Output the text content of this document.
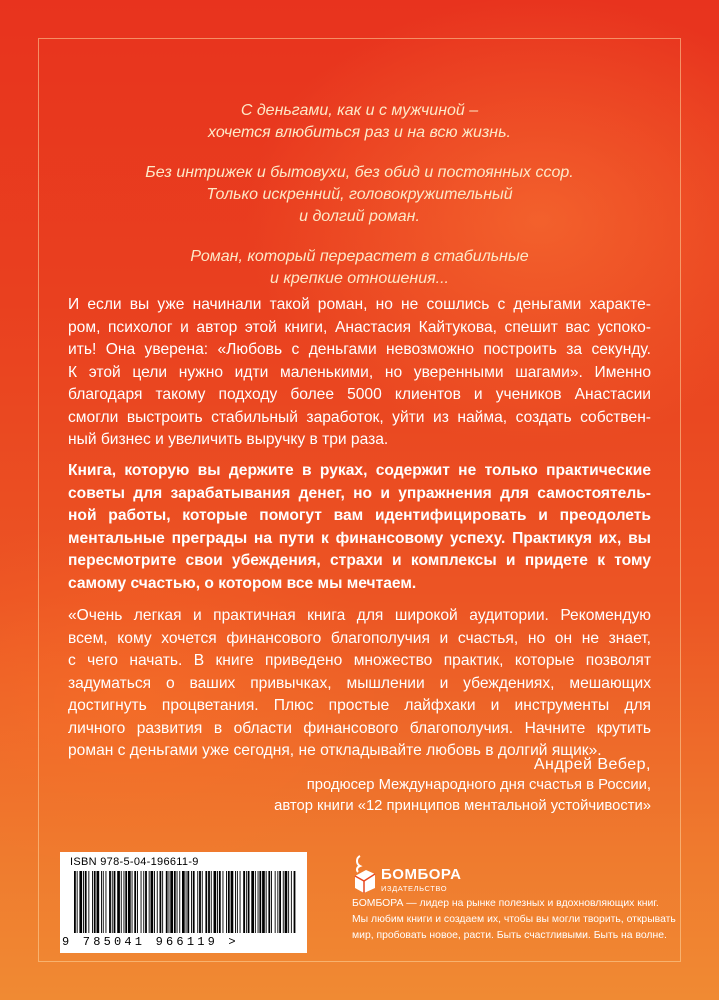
С деньгами, как и с мужчиной –
хочется влюбиться раз и на всю жизнь.

Без интрижек и бытовухи, без обид и постоянных ссор.
Только искренний, головокружительный
и долгий роман.

Роман, который перерастет в стабильные
и крепкие отношения...

И если вы уже начинали такой роман, но не сошлись с деньгами характе-
ром, психолог и автор этой книги, Анастасия Кайтукова, спешит вас успоко-
ить! Она уверена: «Любовь с деньгами невозможно построить за секунду.
К этой цели нужно идти маленькими, но уверенными шагами». Именно
благодаря такому подходу более 5000 клиентов и учеников Анастасии
смогли выстроить стабильный заработок, уйти из найма, создать собствен-
ный бизнес и увеличить выручку в три раза.
Книга, которую вы держите в руках, содержит не только практические
советы для зарабатывания денег, но и упражнения для самостоятель-
ной работы, которые помогут вам идентифицировать и преодолеть
ментальные преграды на пути к финансовому успеху. Практикуя их, вы
пересмотрите свои убеждения, страхи и комплексы и придете к тому
самому счастью, о котором все мы мечтаем.
«Очень легкая и практичная книга для широкой аудитории. Рекомендую
всем, кому хочется финансового благополучия и счастья, но он не знает,
с чего начать. В книге приведено множество практик, которые позволят
задуматься о ваших привычках, мышлении и убеждениях, мешающих
достигнуть процветания. Плюс простые лайфхаки и инструменты для
личного развития в области финансового благополучия. Начните крутить
роман с деньгами уже сегодня, не откладывайте любовь в долгий ящик».
Андрей Вебер,
продюсер Международного дня счастья в России,
автор книги «12 принципов ментальной устойчивости»
ISBN 978-5-04-196611-9
9 785041 966119 >
БОМБОРА
ИЗДАТЕЛЬСТВО
БОМБОРА — лидер на рынке полезных и вдохновляющих книг.
Мы любим книги и создаем их, чтобы вы могли творить, открывать
мир, пробовать новое, расти. Быть счастливыми. Быть на волне.
